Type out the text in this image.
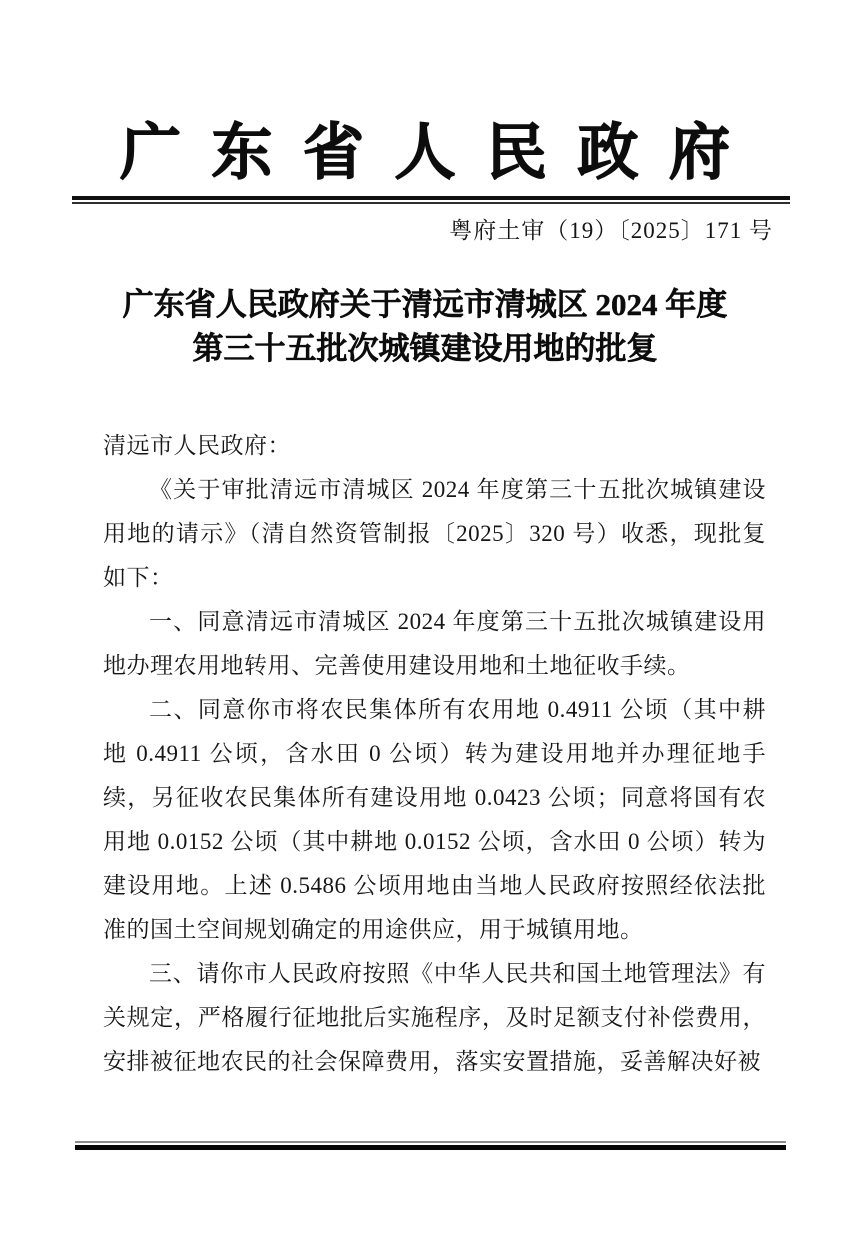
广东省人民政府
粤府土审（19）〔2025〕171 号
广东省人民政府关于清远市清城区 2024 年度
第三十五批次城镇建设用地的批复

清远市人民政府：

《关于审批清远市清城区 2024 年度第三十五批次城镇建设用地的请示》（清自然资管制报〔2025〕320 号）收悉，现批复如下：

一、同意清远市清城区 2024 年度第三十五批次城镇建设用地办理农用地转用、完善使用建设用地和土地征收手续。

二、同意你市将农民集体所有农用地 0.4911 公顷（其中耕地 0.4911 公顷，含水田 0 公顷）转为建设用地并办理征地手续，另征收农民集体所有建设用地 0.0423 公顷；同意将国有农用地 0.0152 公顷（其中耕地 0.0152 公顷，含水田 0 公顷）转为建设用地。上述 0.5486 公顷用地由当地人民政府按照经依法批准的国土空间规划确定的用途供应，用于城镇用地。

三、请你市人民政府按照《中华人民共和国土地管理法》有关规定，严格履行征地批后实施程序，及时足额支付补偿费用，安排被征地农民的社会保障费用，落实安置措施，妥善解决好被
